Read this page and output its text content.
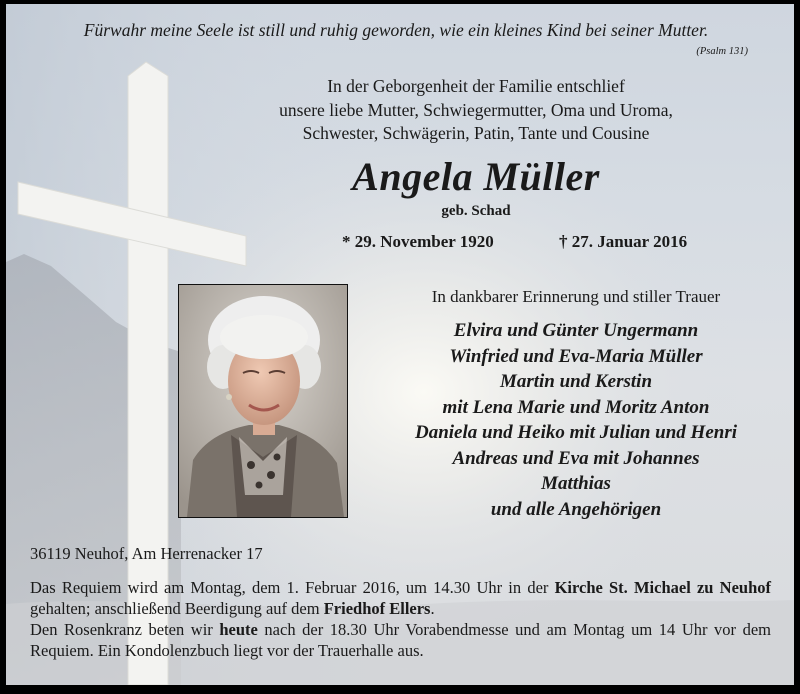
Fürwahr meine Seele ist still und ruhig geworden, wie ein kleines Kind bei seiner Mutter.
(Psalm 131)
In der Geborgenheit der Familie entschlief
unsere liebe Mutter, Schwiegermutter, Oma und Uroma,
Schwester, Schwägerin, Patin, Tante und Cousine
Angela Müller
geb. Schad
* 29. November 1920	† 27. Januar 2016
In dankbarer Erinnerung und stiller Trauer
Elvira und Günter Ungermann
Winfried und Eva-Maria Müller
Martin und Kerstin
mit Lena Marie und Moritz Anton
Daniela und Heiko mit Julian und Henri
Andreas und Eva mit Johannes
Matthias
und alle Angehörigen
36119 Neuhof, Am Herrenacker 17

Das Requiem wird am Montag, dem 1. Februar 2016, um 14.30 Uhr in der Kirche St. Michael zu Neuhof gehalten; anschließend Beerdigung auf dem Friedhof Ellers.

Den Rosenkranz beten wir heute nach der 18.30 Uhr Vorabendmesse und am Montag um 14 Uhr vor dem Requiem. Ein Kondolenzbuch liegt vor der Trauerhalle aus.
